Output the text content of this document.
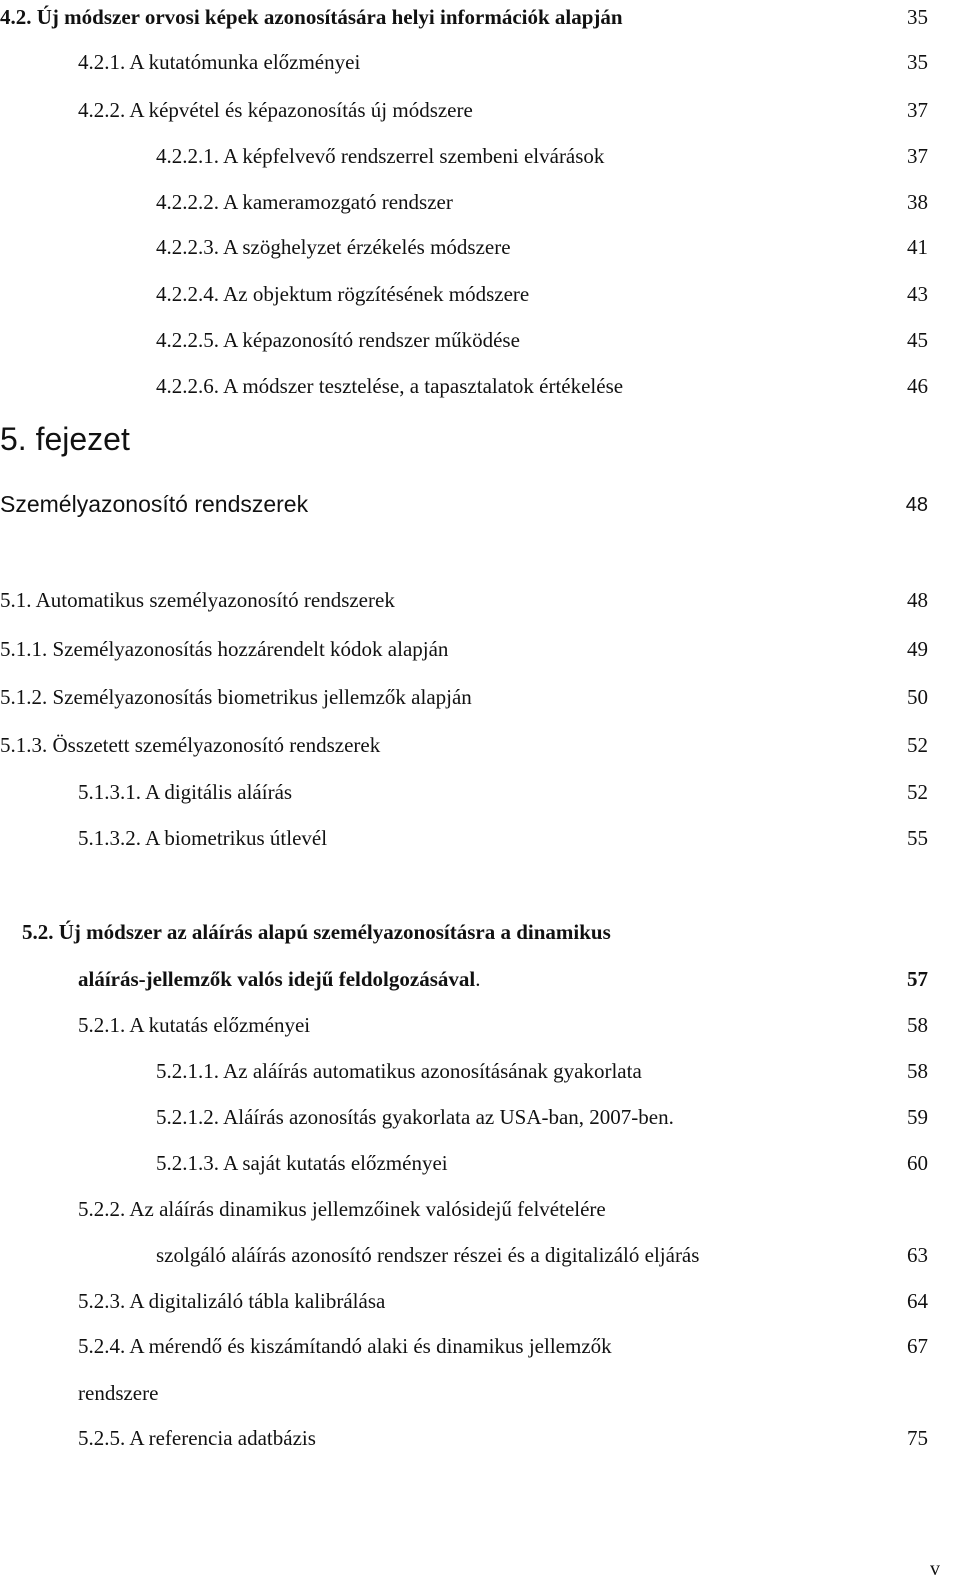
4.2. Új módszer orvosi képek azonosítására helyi információk alapján	35
4.2.1. A kutatómunka előzményei	35
4.2.2. A képvétel és képazonosítás új módszere	37
4.2.2.1. A képfelvevő rendszerrel szembeni elvárások	37
4.2.2.2. A kameramozgató rendszer	38
4.2.2.3. A szöghelyzet érzékelés módszere	41
4.2.2.4. Az objektum rögzítésének módszere	43
4.2.2.5. A képazonosító rendszer működése	45
4.2.2.6. A módszer tesztelése, a tapasztalatok értékelése	46
5. fejezet
Személyazonosító rendszerek	48
5.1. Automatikus személyazonosító rendszerek	48
5.1.1. Személyazonosítás hozzárendelt kódok alapján	49
5.1.2. Személyazonosítás biometrikus jellemzők alapján	50
5.1.3. Összetett személyazonosító rendszerek	52
5.1.3.1. A digitális aláírás	52
5.1.3.2. A biometrikus útlevél	55
5.2. Új módszer az aláírás alapú személyazonosításra a dinamikus
aláírás-jellemzők valós idejű feldolgozásával.	57
5.2.1. A kutatás előzményei	58
5.2.1.1. Az aláírás automatikus azonosításának gyakorlata	58
5.2.1.2. Aláírás azonosítás gyakorlata az USA-ban, 2007-ben.	59
5.2.1.3. A saját kutatás előzményei	60
5.2.2. Az aláírás dinamikus jellemzőinek valósidejű felvételére
szolgáló aláírás azonosító rendszer részei és a digitalizáló eljárás	63
5.2.3. A digitalizáló tábla kalibrálása	64
5.2.4. A mérendő és kiszámítandó alaki és dinamikus jellemzők	67
rendszere
5.2.5. A referencia adatbázis	75
v
